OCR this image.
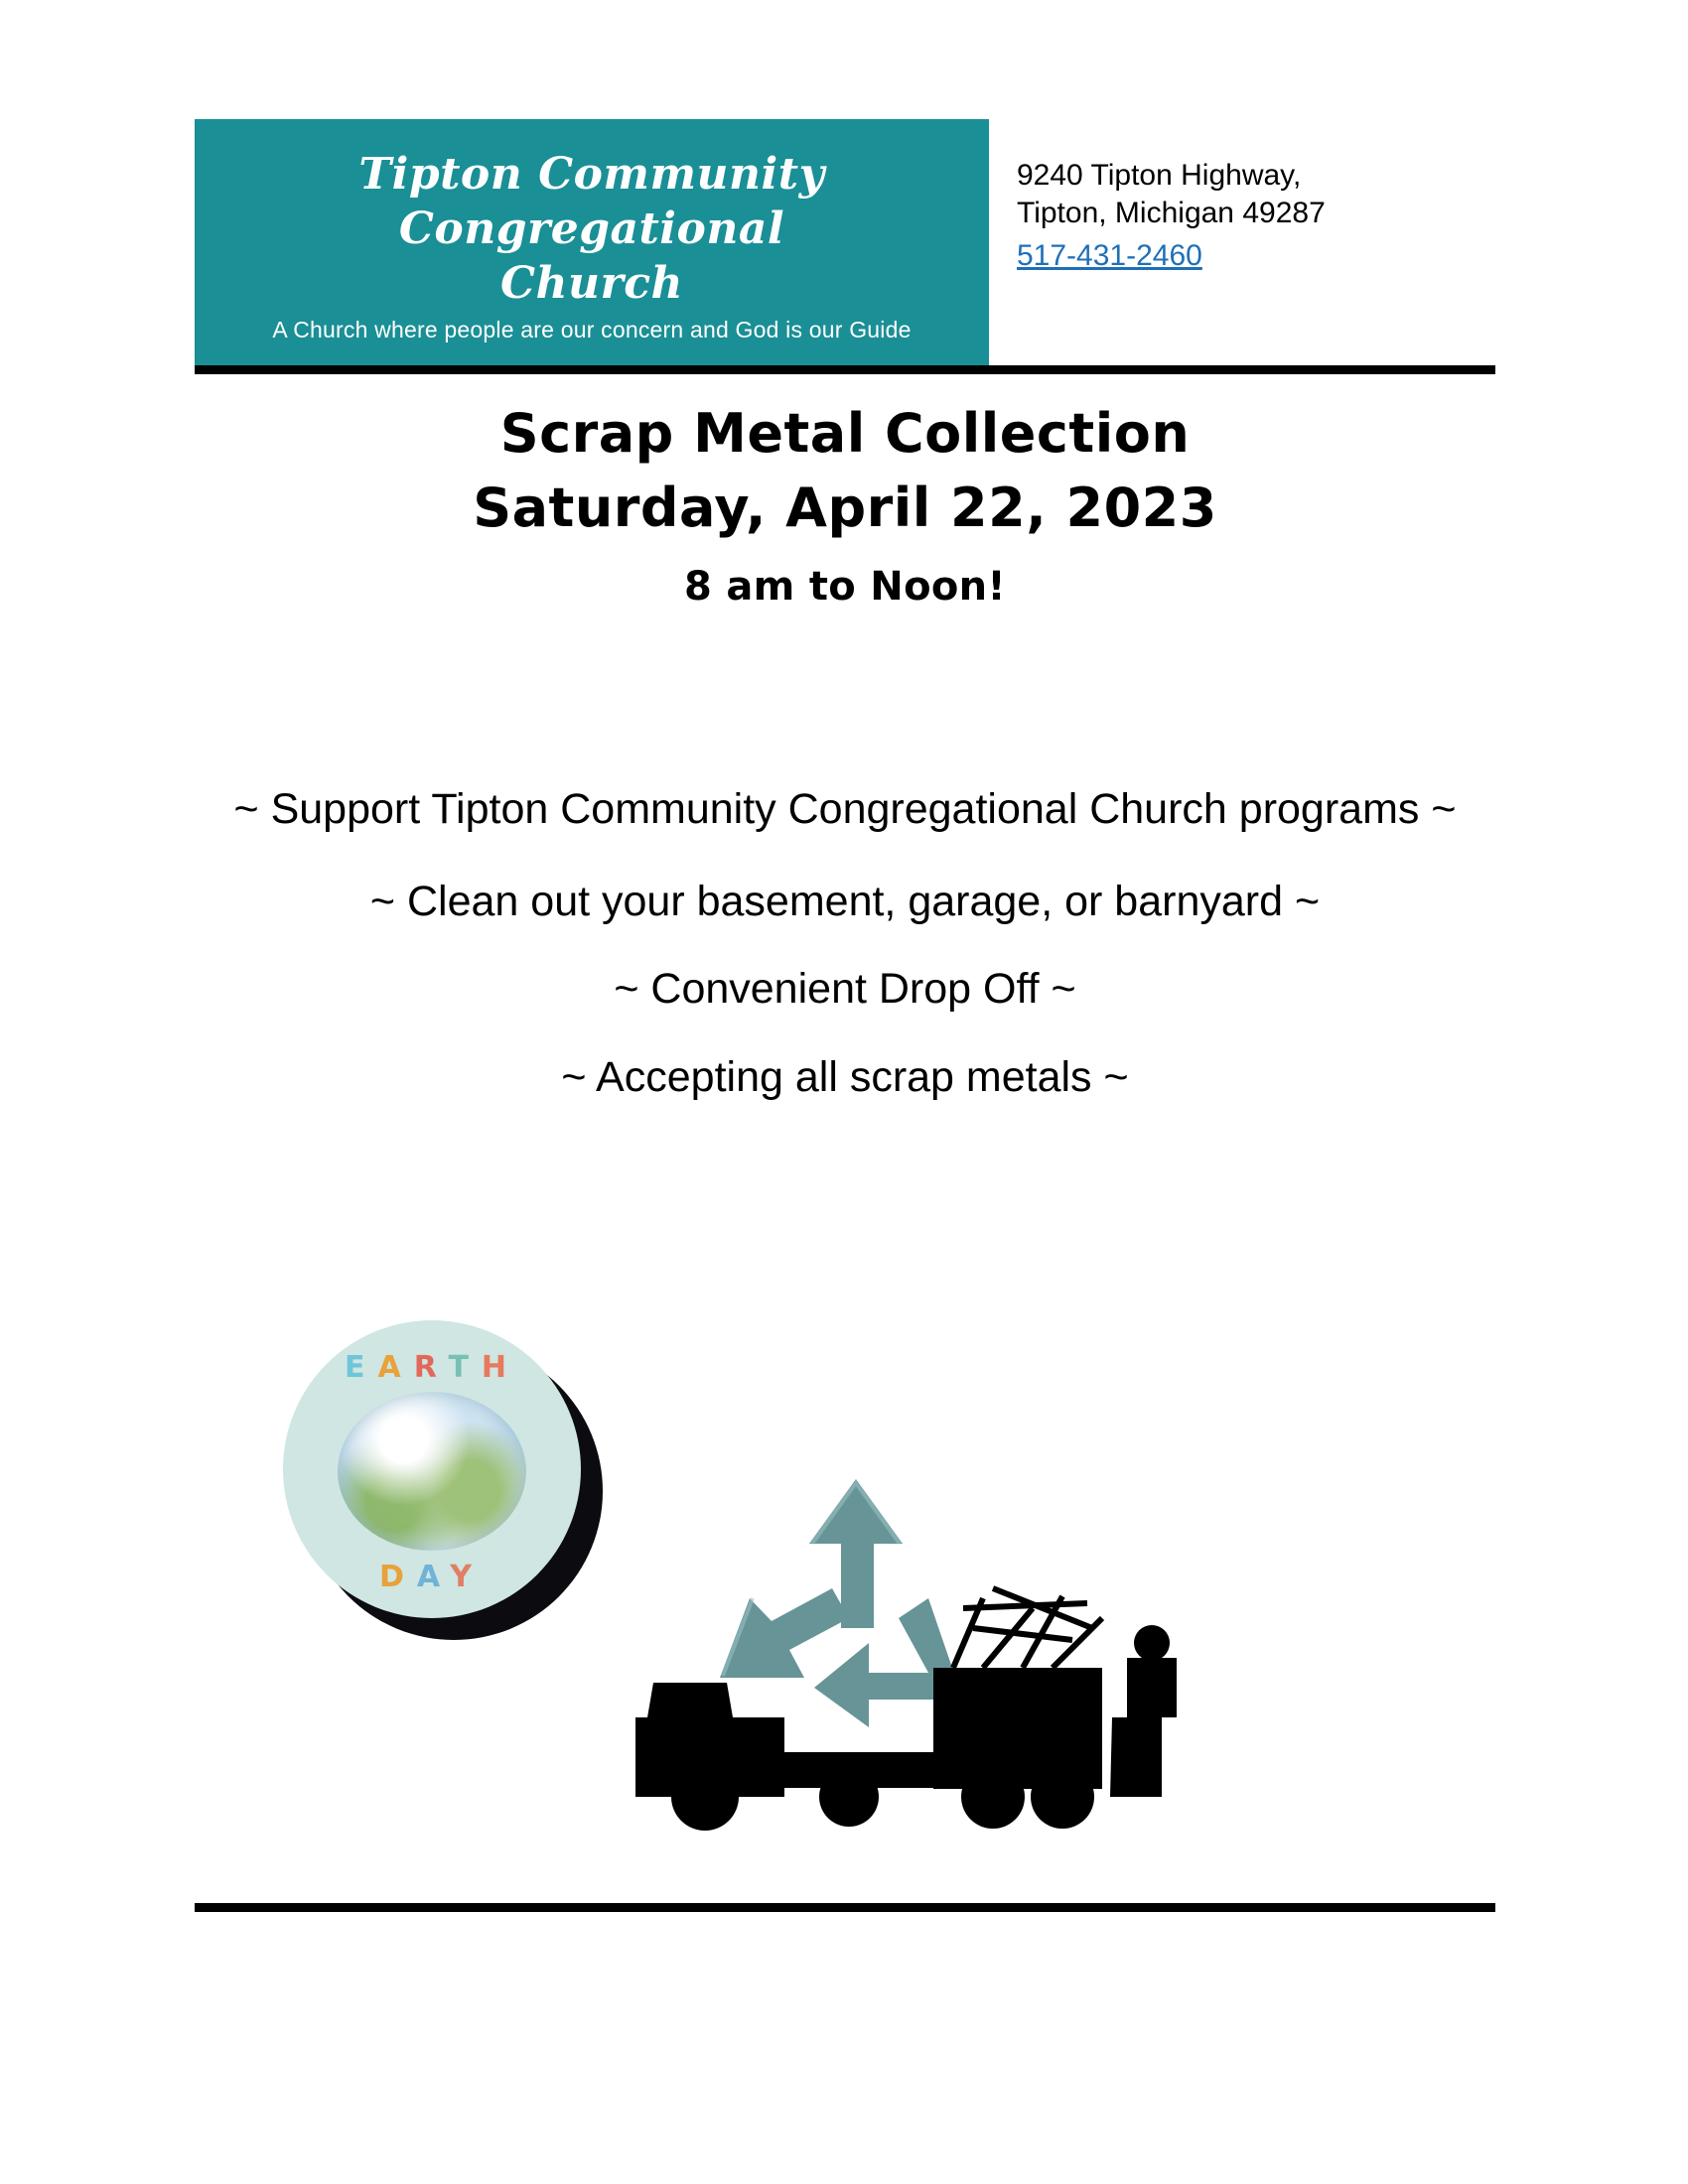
Tipton Community Congregational
Church
A Church where people are our concern and God is our Guide
9240 Tipton Highway,
Tipton, Michigan 49287
517-431-2460
Scrap Metal Collection
Saturday, April 22, 2023
8 am to Noon!
~ Support Tipton Community Congregational Church programs ~
~ Clean out your basement, garage, or barnyard ~
~ Convenient Drop Off ~
~ Accepting all scrap metals ~
EARTH
DAY
